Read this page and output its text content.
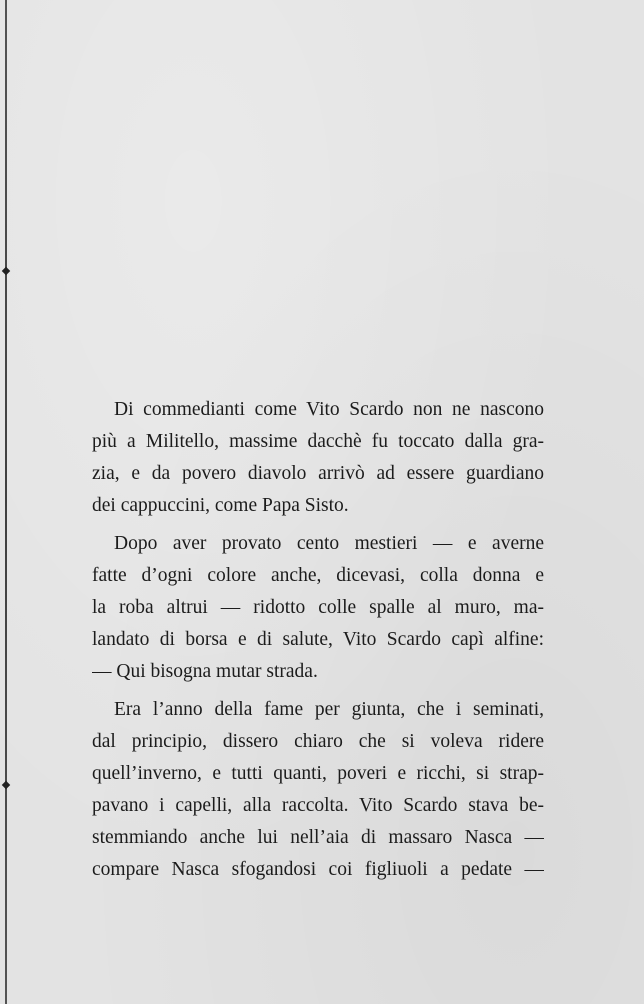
Di commedianti come Vito Scardo non ne nascono
più a Militello, massime dacchè fu toccato dalla gra-
zia, e da povero diavolo arrivò ad essere guardiano
dei cappuccini, come Papa Sisto.
Dopo aver provato cento mestieri — e averne
fatte d’ogni colore anche, dicevasi, colla donna e
la roba altrui — ridotto colle spalle al muro, ma-
landato di borsa e di salute, Vito Scardo capì alfine:
— Qui bisogna mutar strada.
Era l’anno della fame per giunta, che i seminati,
dal principio, dissero chiaro che si voleva ridere
quell’inverno, e tutti quanti, poveri e ricchi, si strap-
pavano i capelli, alla raccolta. Vito Scardo stava be-
stemmiando anche lui nell’aia di massaro Nasca —
compare Nasca sfogandosi coi figliuoli a pedate —
